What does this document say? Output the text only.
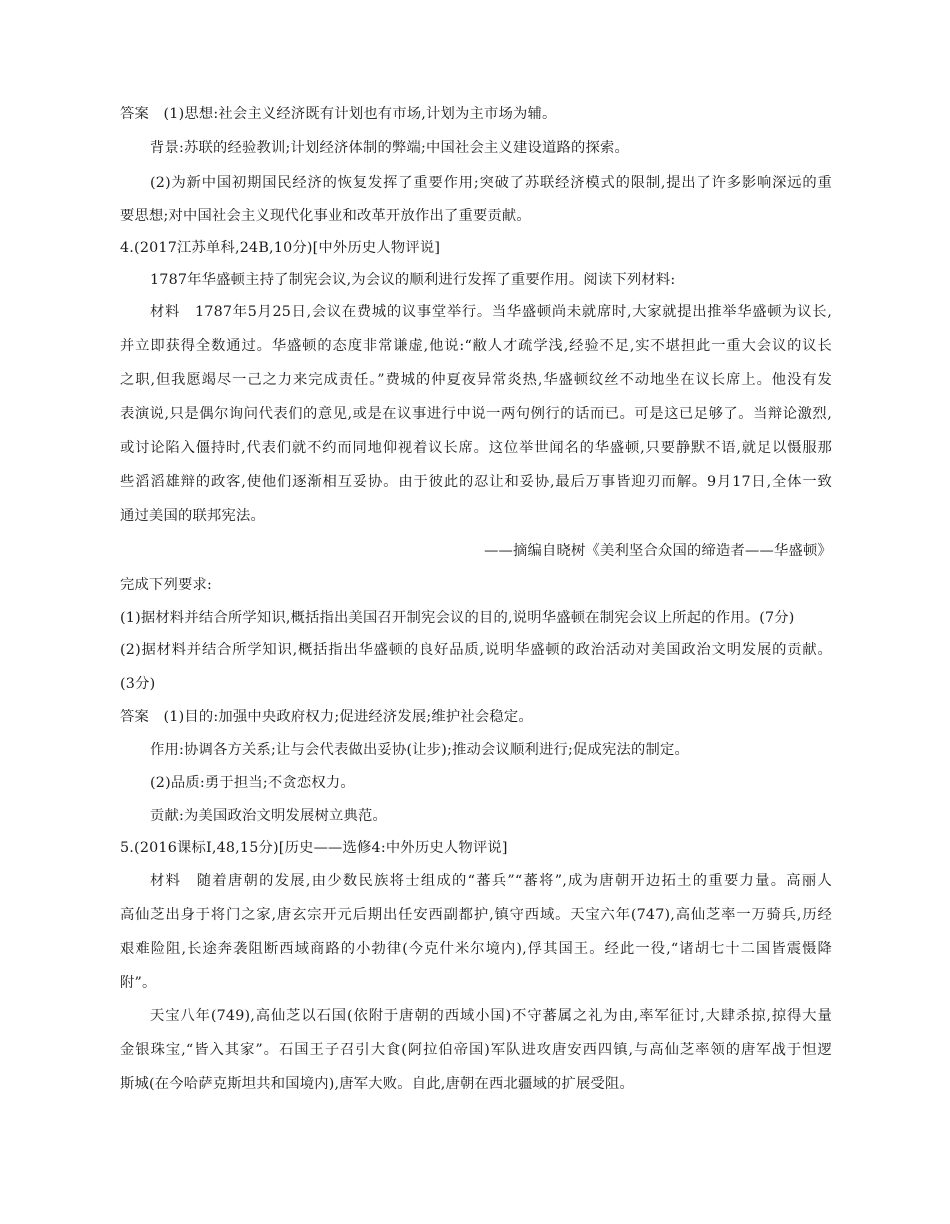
答案　(1)思想:社会主义经济既有计划也有市场,计划为主市场为辅。
背景:苏联的经验教训;计划经济体制的弊端;中国社会主义建设道路的探索。
(2)为新中国初期国民经济的恢复发挥了重要作用;突破了苏联经济模式的限制,提出了许多影响深远的重
要思想;对中国社会主义现代化事业和改革开放作出了重要贡献。
4.(2017江苏单科,24B,10分)[中外历史人物评说]
1787年华盛顿主持了制宪会议,为会议的顺利进行发挥了重要作用。阅读下列材料:
材料　1787年5月25日,会议在费城的议事堂举行。当华盛顿尚未就席时,大家就提出推举华盛顿为议长,
并立即获得全数通过。华盛顿的态度非常谦虚,他说:“敝人才疏学浅,经验不足,实不堪担此一重大会议的议长
之职,但我愿竭尽一己之力来完成责任。”费城的仲夏夜异常炎热,华盛顿纹丝不动地坐在议长席上。他没有发
表演说,只是偶尔询问代表们的意见,或是在议事进行中说一两句例行的话而已。可是这已足够了。当辩论激烈,
或讨论陷入僵持时,代表们就不约而同地仰视着议长席。这位举世闻名的华盛顿,只要静默不语,就足以慑服那
些滔滔雄辩的政客,使他们逐渐相互妥协。由于彼此的忍让和妥协,最后万事皆迎刃而解。9月17日,全体一致
通过美国的联邦宪法。
——摘编自晓树《美利坚合众国的缔造者——华盛顿》
完成下列要求:
(1)据材料并结合所学知识,概括指出美国召开制宪会议的目的,说明华盛顿在制宪会议上所起的作用。(7分)
(2)据材料并结合所学知识,概括指出华盛顿的良好品质,说明华盛顿的政治活动对美国政治文明发展的贡献。
(3分)
答案　(1)目的:加强中央政府权力;促进经济发展;维护社会稳定。
作用:协调各方关系;让与会代表做出妥协(让步);推动会议顺利进行;促成宪法的制定。
(2)品质:勇于担当;不贪恋权力。
贡献:为美国政治文明发展树立典范。
5.(2016课标Ⅰ,48,15分)[历史——选修4:中外历史人物评说]
材料　随着唐朝的发展,由少数民族将士组成的“蕃兵”“蕃将”,成为唐朝开边拓土的重要力量。高丽人
高仙芝出身于将门之家,唐玄宗开元后期出任安西副都护,镇守西域。天宝六年(747),高仙芝率一万骑兵,历经
艰难险阻,长途奔袭阻断西域商路的小勃律(今克什米尔境内),俘其国王。经此一役,“诸胡七十二国皆震慑降
附”。
天宝八年(749),高仙芝以石国(依附于唐朝的西域小国)不守蕃属之礼为由,率军征讨,大肆杀掠,掠得大量
金银珠宝,“皆入其家”。石国王子召引大食(阿拉伯帝国)军队进攻唐安西四镇,与高仙芝率领的唐军战于怛逻
斯城(在今哈萨克斯坦共和国境内),唐军大败。自此,唐朝在西北疆域的扩展受阻。
